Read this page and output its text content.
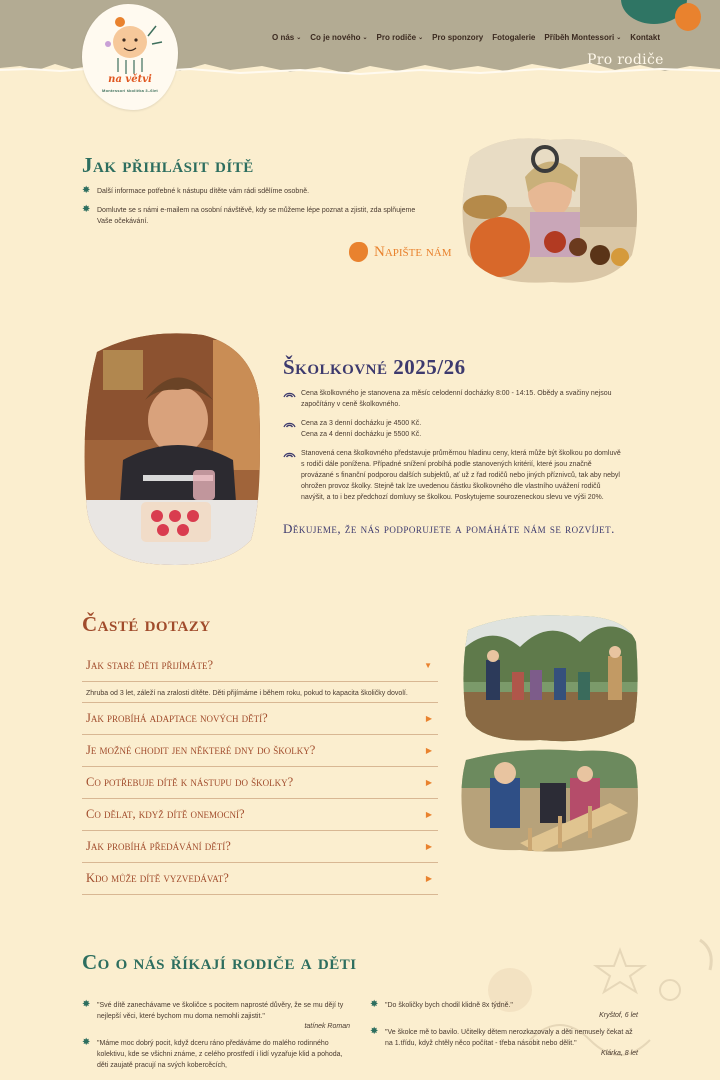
na větvi
Montessori školička 3–6let
O nás ⌄ Co je nového ⌄ Pro rodiče ⌄ Pro sponzory Fotogalerie Příběh Montessori ⌄ Kontakt
Pro rodiče
Jak přihlásit dítě
✸ Další informace potřebné k nástupu dítěte vám rádi sdělíme osobně.
✸ Domluvte se s námi e-mailem na osobní návštěvě, kdy se můžeme lépe poznat a zjistit, zda splňujeme Vaše očekávání.
Napište nám
Školkovné 2025/26
Cena školkovného je stanovena za měsíc celodenní docházky 8:00 - 14:15. Obědy a svačiny nejsou započítány v ceně školkovného.
Cena za 3 denní docházku je 4500 Kč.
Cena za 4 denní docházku je 5500 Kč.
Stanovená cena školkovného představuje průměrnou hladinu ceny, která může být školkou po domluvě s rodiči dále ponížena. Případné snížení probíhá podle stanovených kritérií, které jsou značně provázané s finanční podporou dalších subjektů, ať už z řad rodičů nebo jiných příznivců, tak aby nebyl ohrožen provoz školky. Stejně tak lze uvedenou částku školkovného dle vlastního uvážení rodičů navýšit, a to i bez předchozí domluvy se školkou. Poskytujeme sourozeneckou slevu ve výši 20%.
Děkujeme, že nás podporujete a pomáháte nám se rozvíjet.
Časté dotazy
Jak staré děti přijímáte?	▼
Zhruba od 3 let, záleží na zralosti dítěte. Děti přijímáme i během roku, pokud to kapacita školičky dovolí.
Jak probíhá adaptace nových dětí?	▶
Je možné chodit jen některé dny do školky?	▶
Co potřebuje dítě k nástupu do školky?	▶
Co dělat, když dítě onemocní?	▶
Jak probíhá předávání dětí?	▶
Kdo může dítě vyzvedávat?	▶
Co o nás říkají rodiče a děti
✸ "Své dítě zanechávame ve školičce s pocitem naprosté důvěry, že se mu dějí ty nejlepší věci, které bychom mu doma nemohli zajistit."
tatínek Roman
✸ "Máme moc dobrý pocit, když dceru ráno předáváme do malého rodinného kolektivu, kde se všichni známe, z celého prostředí i lidí vyzařuje klid a pohoda, děti zaujatě pracují na svých kobercěcích,
✸ "Do školičky bych chodil klidně 8x týdně."
Kryštof, 6 let
✸ "Ve školce mě to bavilo. Učitelky dětem nerozkazovaly a děti nemusely čekat až na 1.třídu, když chtěly něco počítat - třeba násobit nebo dělit."
Klárka, 8 let
